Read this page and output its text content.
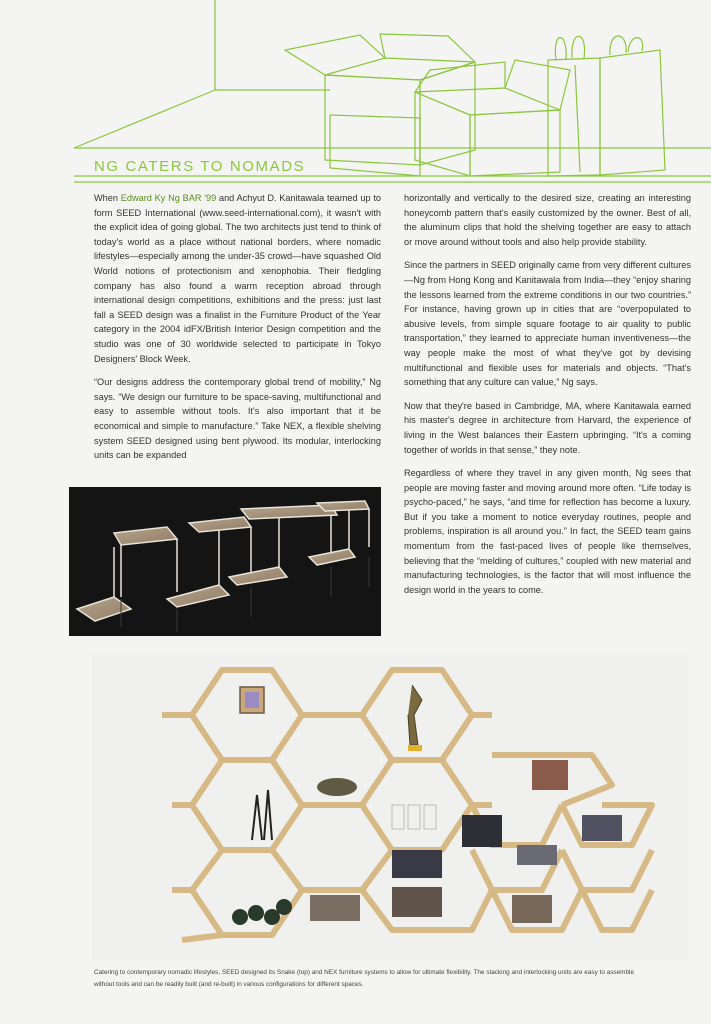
NG CATERS TO NOMADS

When Edward Ky Ng BAR '99 and Achyut D. Kanitawala teamed up to form SEED International (www.seed-international.com), it wasn't with the explicit idea of going global. The two architects just tend to think of today's world as a place without national borders, where nomadic lifestyles—especially among the under-35 crowd—have squashed Old World notions of protectionism and xenophobia. Their fledgling company has also found a warm reception abroad through international design competitions, exhibitions and the press: just last fall a SEED design was a finalist in the Furniture Product of the Year category in the 2004 idFX/British Interior Design competition and the studio was one of 30 worldwide selected to participate in Tokyo Designers' Block Week.

“Our designs address the contemporary global trend of mobility,” Ng says. “We design our furniture to be space-saving, multifunctional and easy to assemble without tools. It's also important that it be economical and simple to manufacture.” Take NEX, a flexible shelving system SEED designed using bent plywood. Its modular, interlocking units can be expanded

horizontally and vertically to the desired size, creating an interesting honeycomb pattern that's easily customized by the owner. Best of all, the aluminum clips that hold the shelving together are easy to attach or move around without tools and also help provide stability.

Since the partners in SEED originally came from very different cultures—Ng from Hong Kong and Kanitawala from India—they “enjoy sharing the lessons learned from the extreme conditions in our two countries.” For instance, having grown up in cities that are “overpopulated to abusive levels, from simple square footage to air quality to public transportation,” they learned to appreciate human inventiveness—the way people make the most of what they've got by devising multifunctional and flexible uses for materials and objects. “That's something that any culture can value,” Ng says.

Now that they're based in Cambridge, MA, where Kanitawala earned his master's degree in architecture from Harvard, the experience of living in the West balances their Eastern upbringing. “It's a coming together of worlds in that sense,” they note.

Regardless of where they travel in any given month, Ng sees that people are moving faster and moving around more often. “Life today is psycho-paced,” he says, “and time for reflection has become a luxury. But if you take a moment to notice everyday routines, people and problems, inspiration is all around you.” In fact, the SEED team gains momentum from the fast-paced lives of people like themselves, believing that the “melding of cultures,” coupled with new material and manufacturing technologies, is the factor that will most influence the design world in the years to come.

Catering to contemporary nomadic lifestyles, SEED designed its Snake (top) and NEX furniture systems to allow for ultimate flexibility. The stacking and interlocking units are easy to assemble without tools and can be readily built (and re-built) in various configurations for different spaces.
